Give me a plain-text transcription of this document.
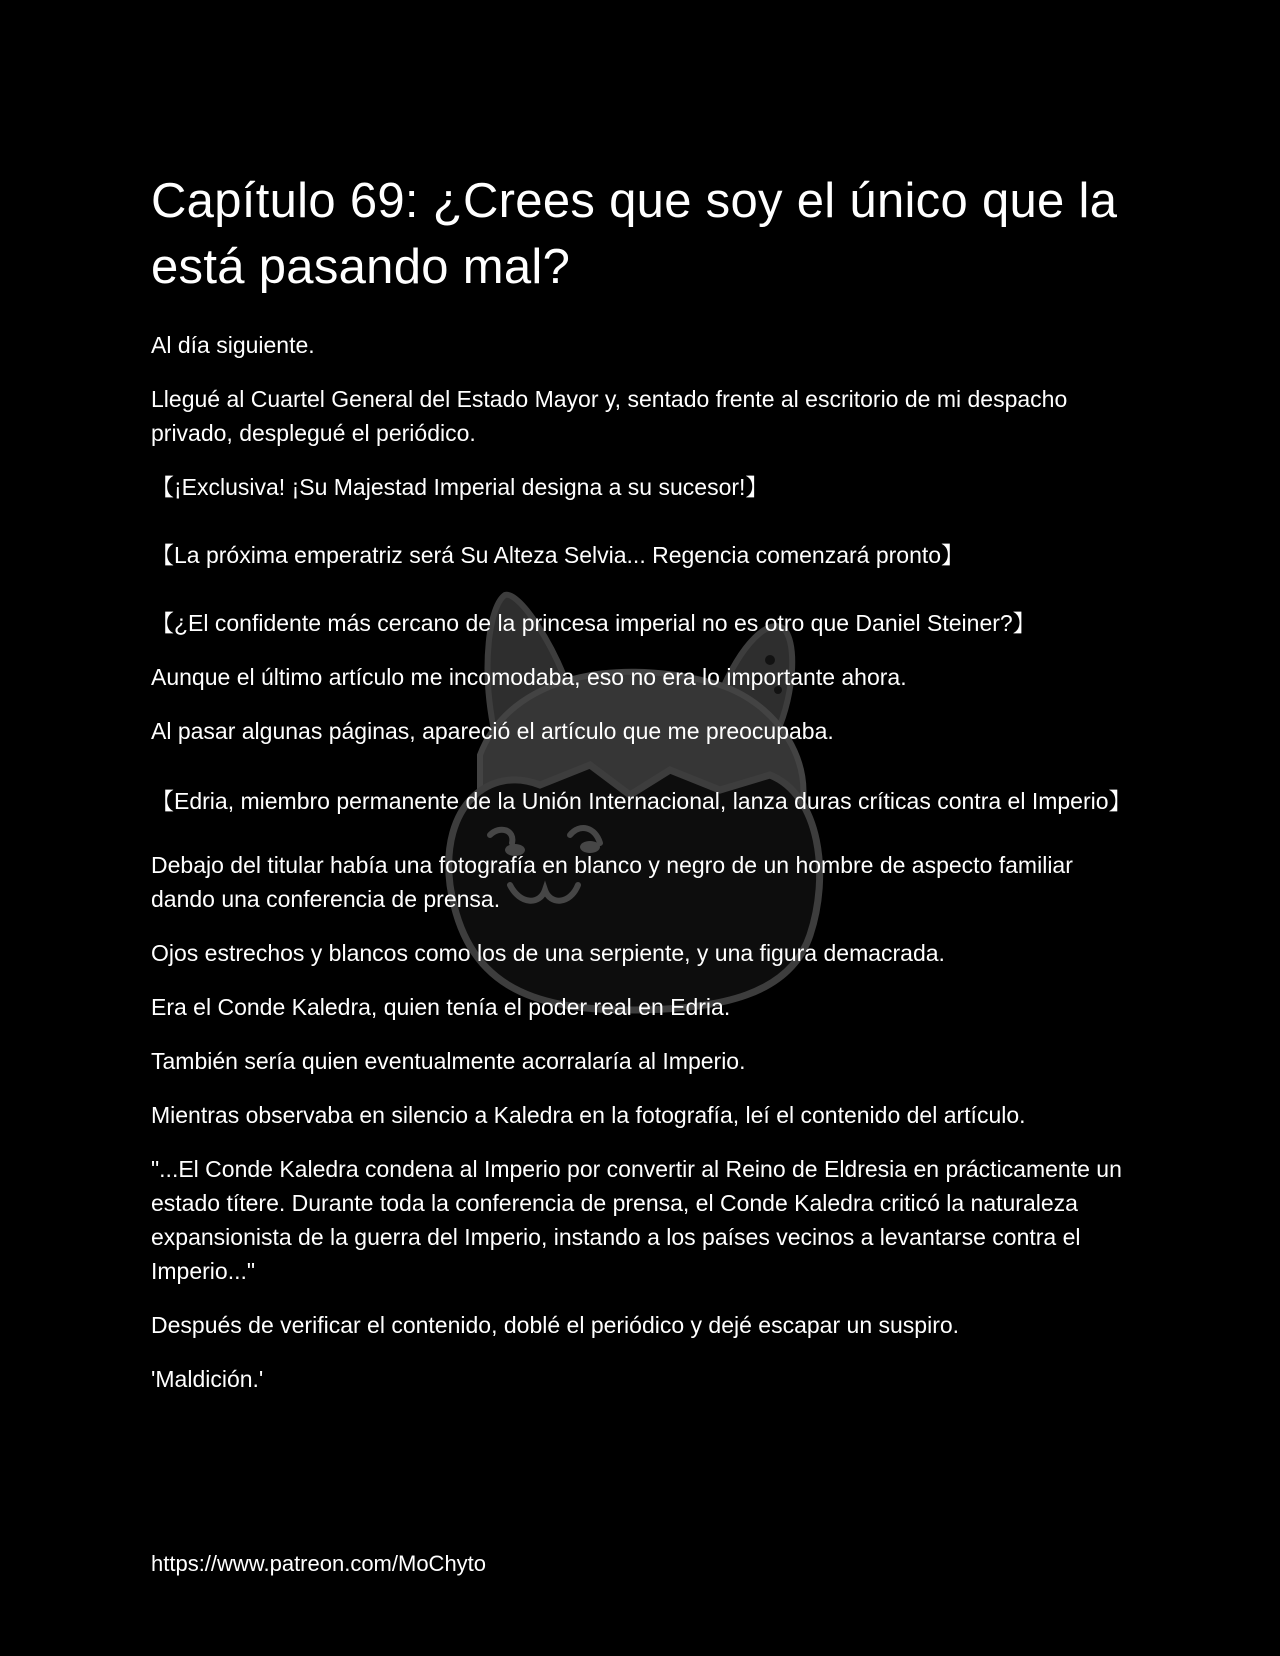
Capítulo 69: ¿Crees que soy el único que la está pasando mal?

Al día siguiente.

Llegué al Cuartel General del Estado Mayor y, sentado frente al escritorio de mi despacho privado, desplegué el periódico.

【¡Exclusiva! ¡Su Majestad Imperial designa a su sucesor!】

【La próxima emperatriz será Su Alteza Selvia... Regencia comenzará pronto】

【¿El confidente más cercano de la princesa imperial no es otro que Daniel Steiner?】

Aunque el último artículo me incomodaba, eso no era lo importante ahora.

Al pasar algunas páginas, apareció el artículo que me preocupaba.

【Edria, miembro permanente de la Unión Internacional, lanza duras críticas contra el Imperio】

Debajo del titular había una fotografía en blanco y negro de un hombre de aspecto familiar dando una conferencia de prensa.

Ojos estrechos y blancos como los de una serpiente, y una figura demacrada.

Era el Conde Kaledra, quien tenía el poder real en Edria.

También sería quien eventualmente acorralaría al Imperio.

Mientras observaba en silencio a Kaledra en la fotografía, leí el contenido del artículo.

"...El Conde Kaledra condena al Imperio por convertir al Reino de Eldresia en prácticamente un estado títere. Durante toda la conferencia de prensa, el Conde Kaledra criticó la naturaleza expansionista de la guerra del Imperio, instando a los países vecinos a levantarse contra el Imperio..."

Después de verificar el contenido, doblé el periódico y dejé escapar un suspiro.

'Maldición.'

https://www.patreon.com/MoChyto
